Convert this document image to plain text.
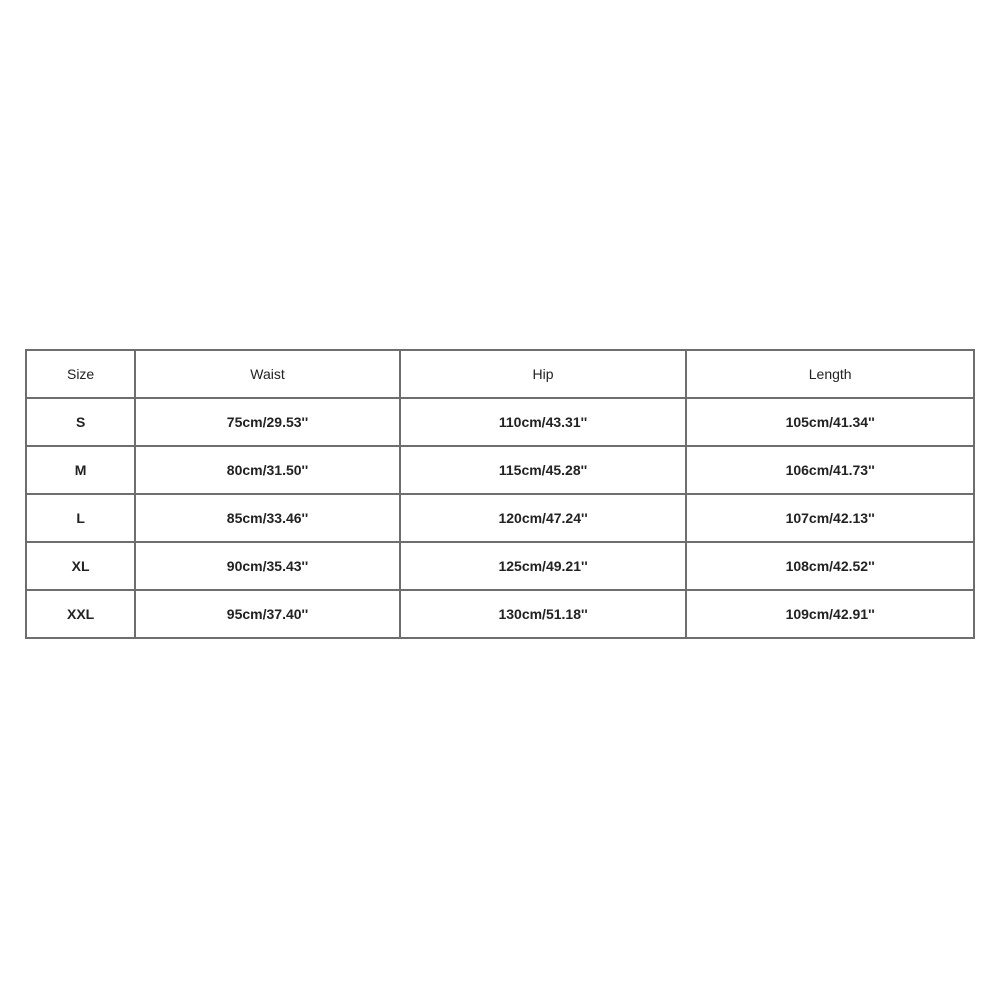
Size	Waist	Hip	Length
S	75cm/29.53''	110cm/43.31''	105cm/41.34''
M	80cm/31.50''	115cm/45.28''	106cm/41.73''
L	85cm/33.46''	120cm/47.24''	107cm/42.13''
XL	90cm/35.43''	125cm/49.21''	108cm/42.52''
XXL	95cm/37.40''	130cm/51.18''	109cm/42.91''
